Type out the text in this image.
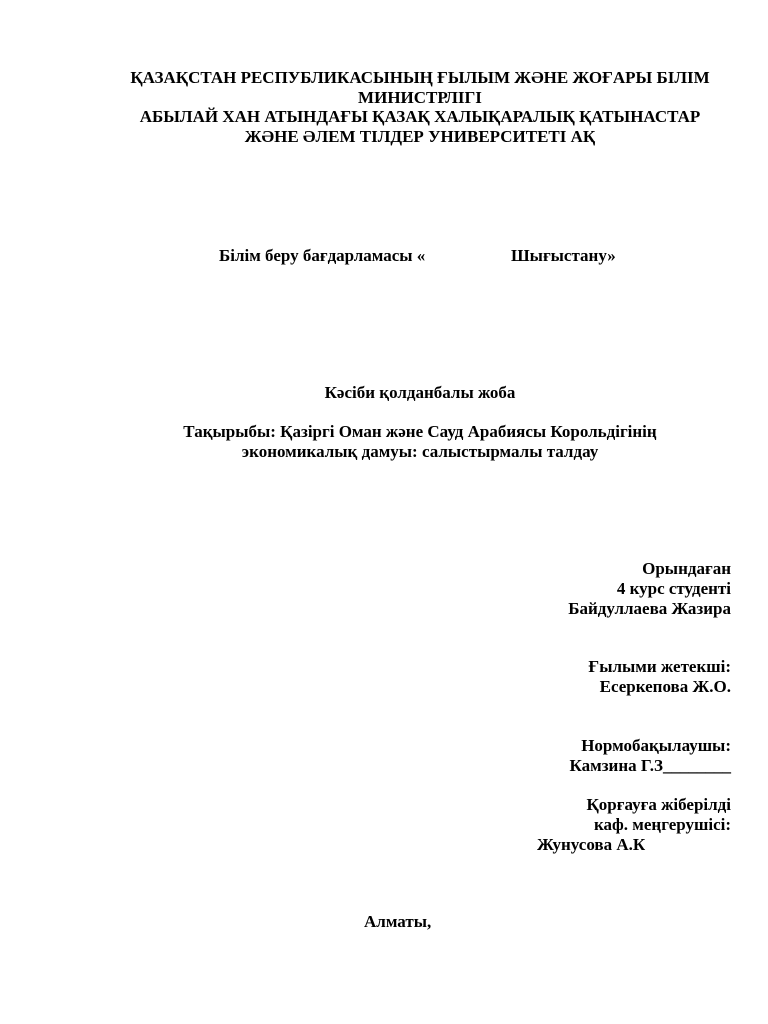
ҚАЗАҚСТАН РЕСПУБЛИКАСЫНЫҢ ҒЫЛЫМ ЖӘНЕ ЖОҒАРЫ БІЛІМ
МИНИСТРЛІГІ
АБЫЛАЙ ХАН АТЫНДАҒЫ ҚАЗАҚ ХАЛЫҚАРАЛЫҚ ҚАТЫНАСТАР
ЖӘНЕ ӘЛЕМ ТІЛДЕР УНИВЕРСИТЕТІ АҚ
Білім беру бағдарламасы «	Шығыстану»
Кәсіби қолданбалы жоба
Тақырыбы: Қазіргі Оман және Сауд Арабиясы Корольдігінің
экономикалық дамуы: салыстырмалы талдау
Орындаған
4 курс студенті
Байдуллаева Жазира
Ғылыми жетекші:
Есеркепова Ж.О.
Нормобақылаушы:
Камзина Г.З________
Қорғауға жіберілді
каф. меңгерушісі:
Жунусова А.К
Алматы,
